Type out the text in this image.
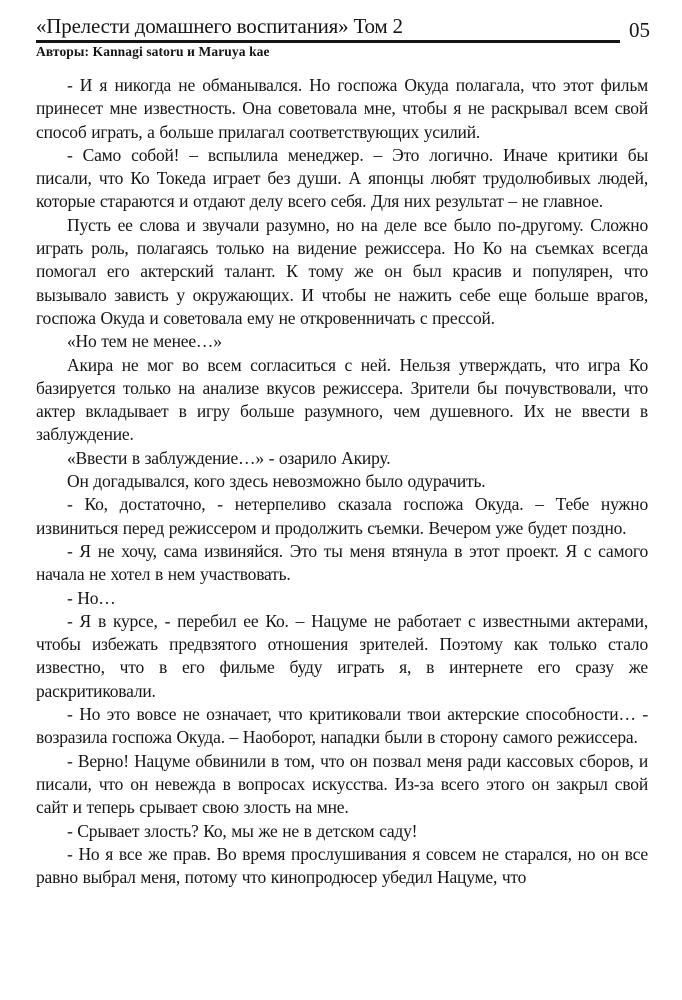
«Прелести домашнего воспитания» Том 2	05
Авторы: Kannagi satoru и Maruya kae

- И я никогда не обманывался. Но госпожа Окуда полагала, что этот фильм принесет мне известность. Она советовала мне, чтобы я не раскрывал всем свой способ играть, а больше прилагал соответствующих усилий.

- Само собой! – вспылила менеджер. – Это логично. Иначе критики бы писали, что Ко Токеда играет без души. А японцы любят трудолюбивых людей, которые стараются и отдают делу всего себя. Для них результат – не главное.

Пусть ее слова и звучали разумно, но на деле все было по-другому. Сложно играть роль, полагаясь только на видение режиссера. Но Ко на съемках всегда помогал его актерский талант. К тому же он был красив и популярен, что вызывало зависть у окружающих. И чтобы не нажить себе еще больше врагов, госпожа Окуда и советовала ему не откровенничать с прессой.

«Но тем не менее…»

Акира не мог во всем согласиться с ней. Нельзя утверждать, что игра Ко базируется только на анализе вкусов режиссера. Зрители бы почувствовали, что актер вкладывает в игру больше разумного, чем душевного. Их не ввести в заблуждение.

«Ввести в заблуждение…» - озарило Акиру.

Он догадывался, кого здесь невозможно было одурачить.

- Ко, достаточно, - нетерпеливо сказала госпожа Окуда. – Тебе нужно извиниться перед режиссером и продолжить съемки. Вечером уже будет поздно.

- Я не хочу, сама извиняйся. Это ты меня втянула в этот проект. Я с самого начала не хотел в нем участвовать.

- Но…

- Я в курсе, - перебил ее Ко. – Нацуме не работает с известными актерами, чтобы избежать предвзятого отношения зрителей. Поэтому как только стало известно, что в его фильме буду играть я, в интернете его сразу же раскритиковали.

- Но это вовсе не означает, что критиковали твои актерские способности… - возразила госпожа Окуда. – Наоборот, нападки были в сторону самого режиссера.

- Верно! Нацуме обвинили в том, что он позвал меня ради кассовых сборов, и писали, что он невежда в вопросах искусства. Из-за всего этого он закрыл свой сайт и теперь срывает свою злость на мне.

- Срывает злость? Ко, мы же не в детском саду!

- Но я все же прав. Во время прослушивания я совсем не старался, но он все равно выбрал меня, потому что кинопродюсер убедил Нацуме, что
